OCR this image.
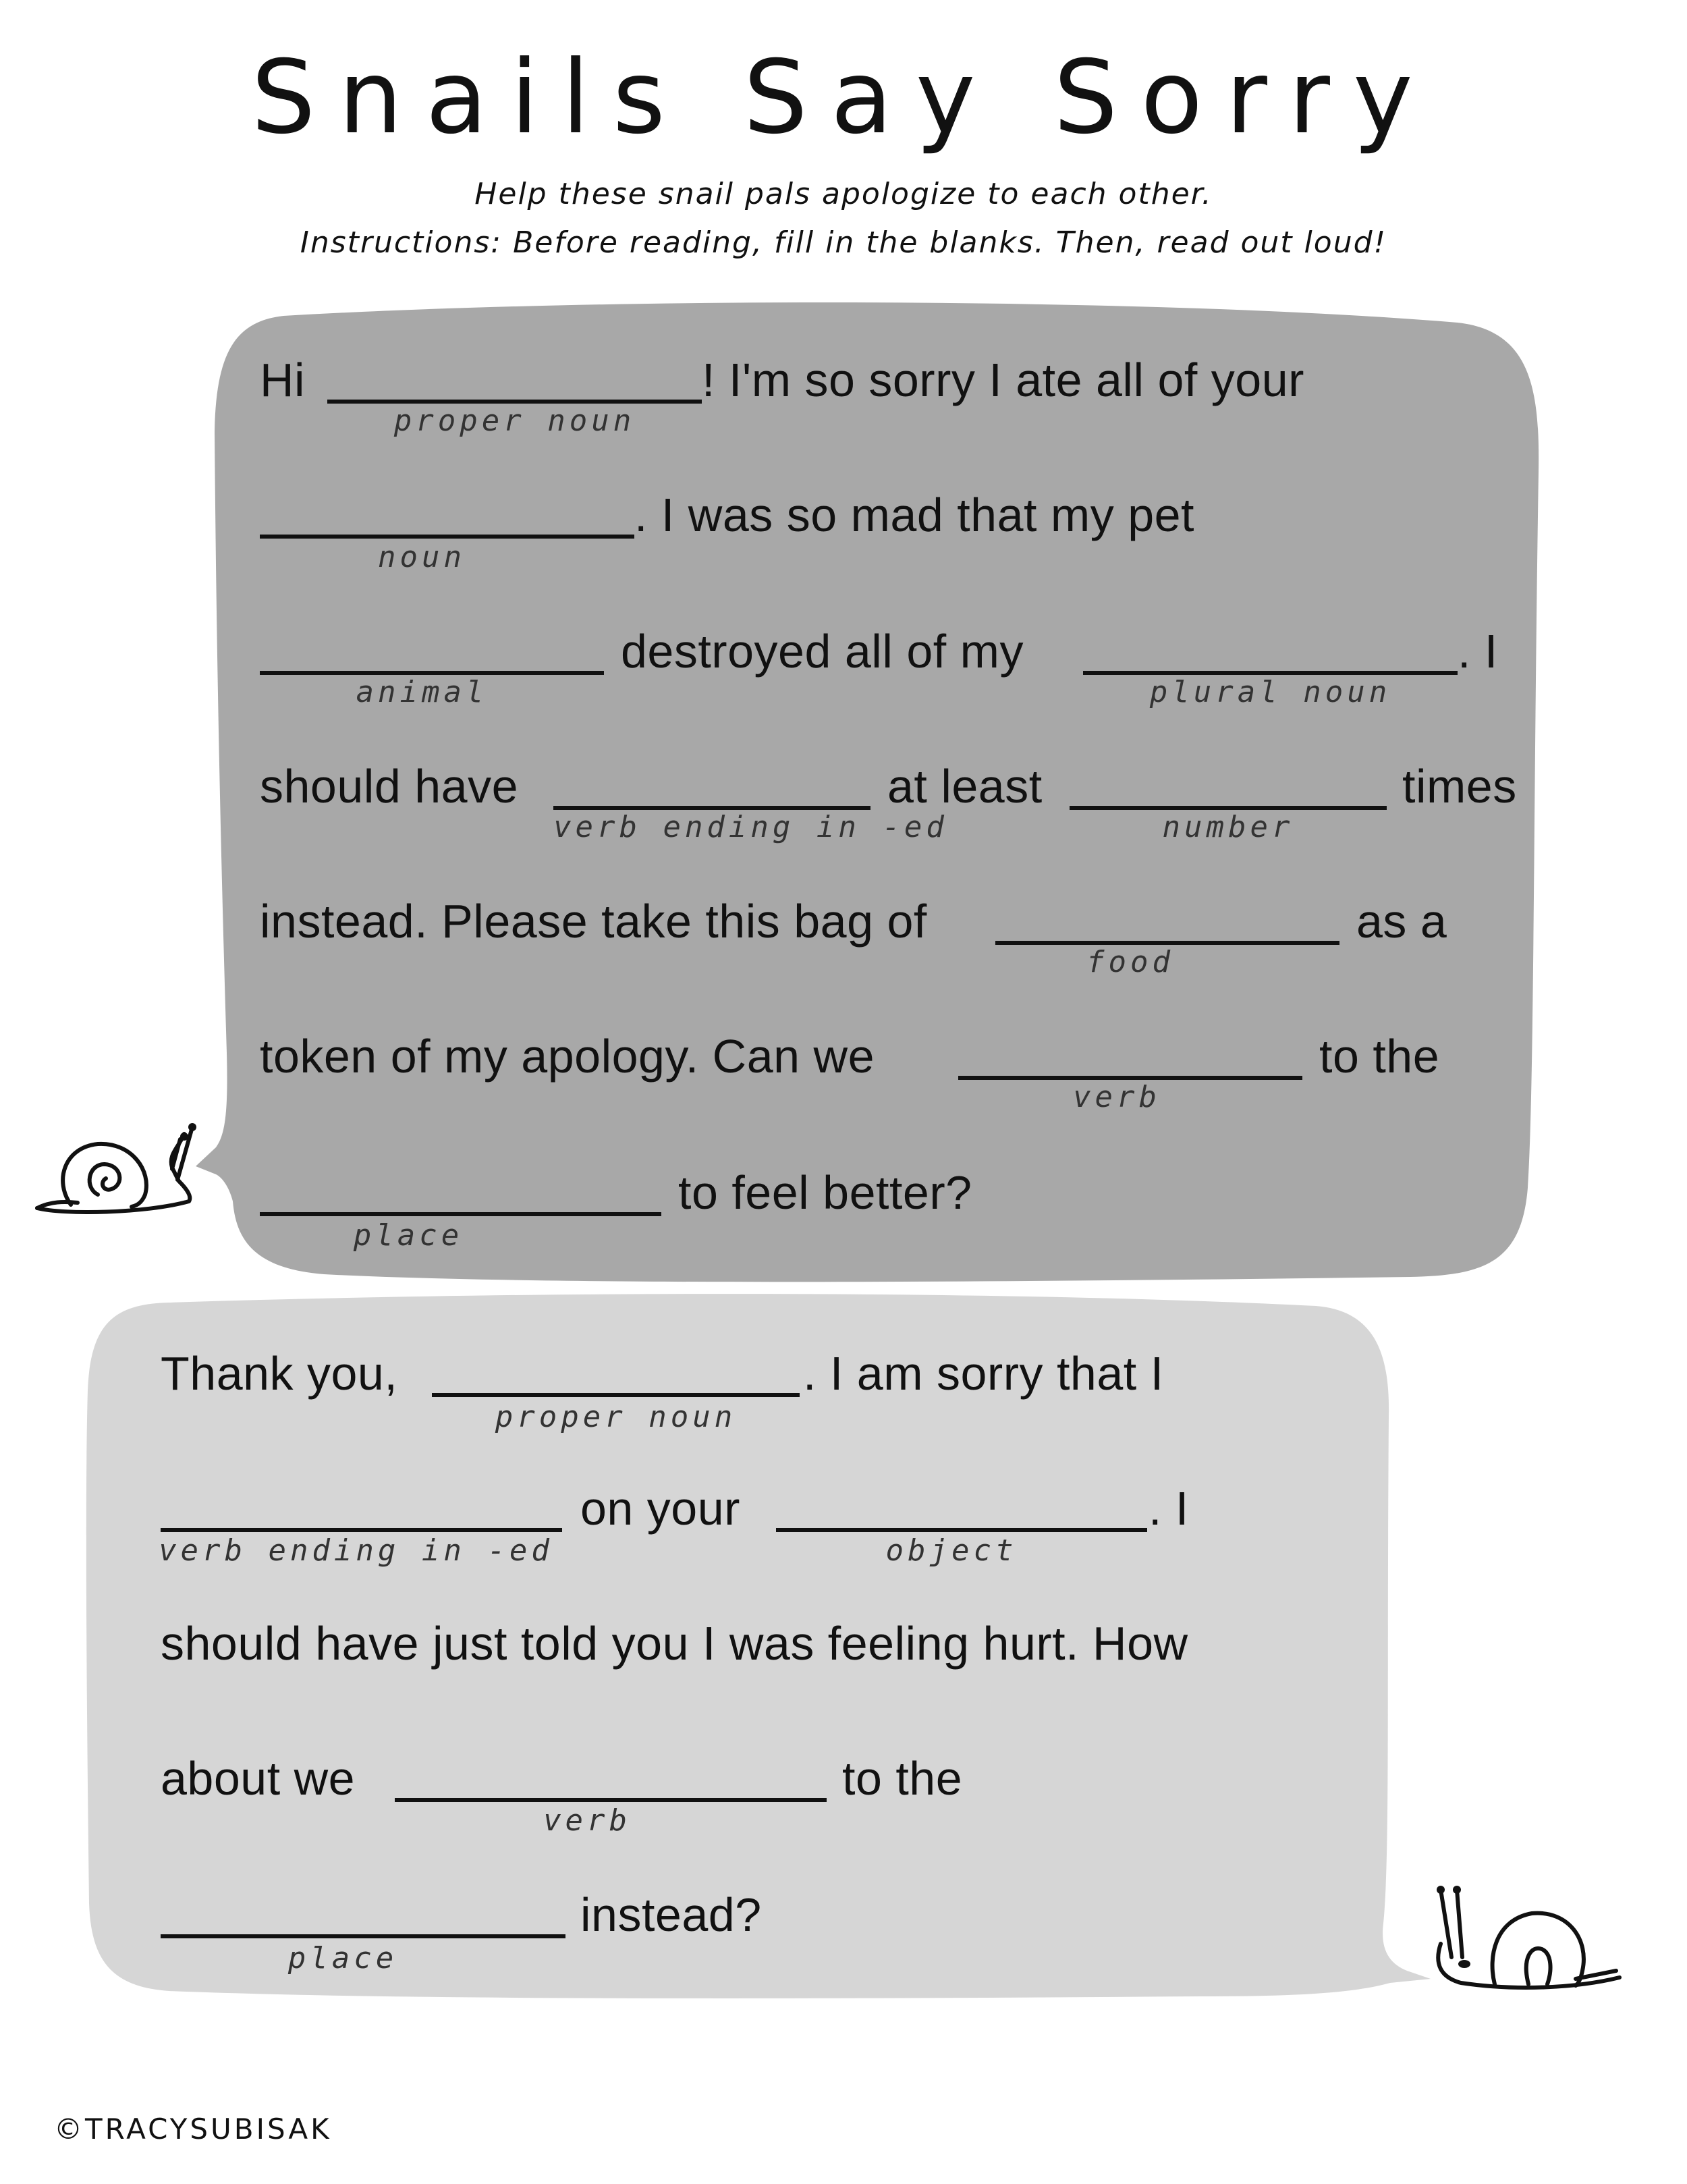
Snails Say Sorry
Help these snail pals apologize to each other.
Instructions: Before reading, fill in the blanks. Then, read out loud!
Hi	! I'm so sorry I ate all of your
proper noun
. I was so mad that my pet
noun
animal
destroyed all of my
plural noun
. I
should have
verb ending in -ed
at least
number
times
instead. Please take this bag of
food
as a
token of my apology. Can we
verb
to the
place
to feel better?
Thank you,
proper noun
. I am sorry that I
verb ending in -ed
on your
object
. I
should have just told you I was feeling hurt. How
about we
verb
to the
place
instead?
©TRACYSUBISAK
